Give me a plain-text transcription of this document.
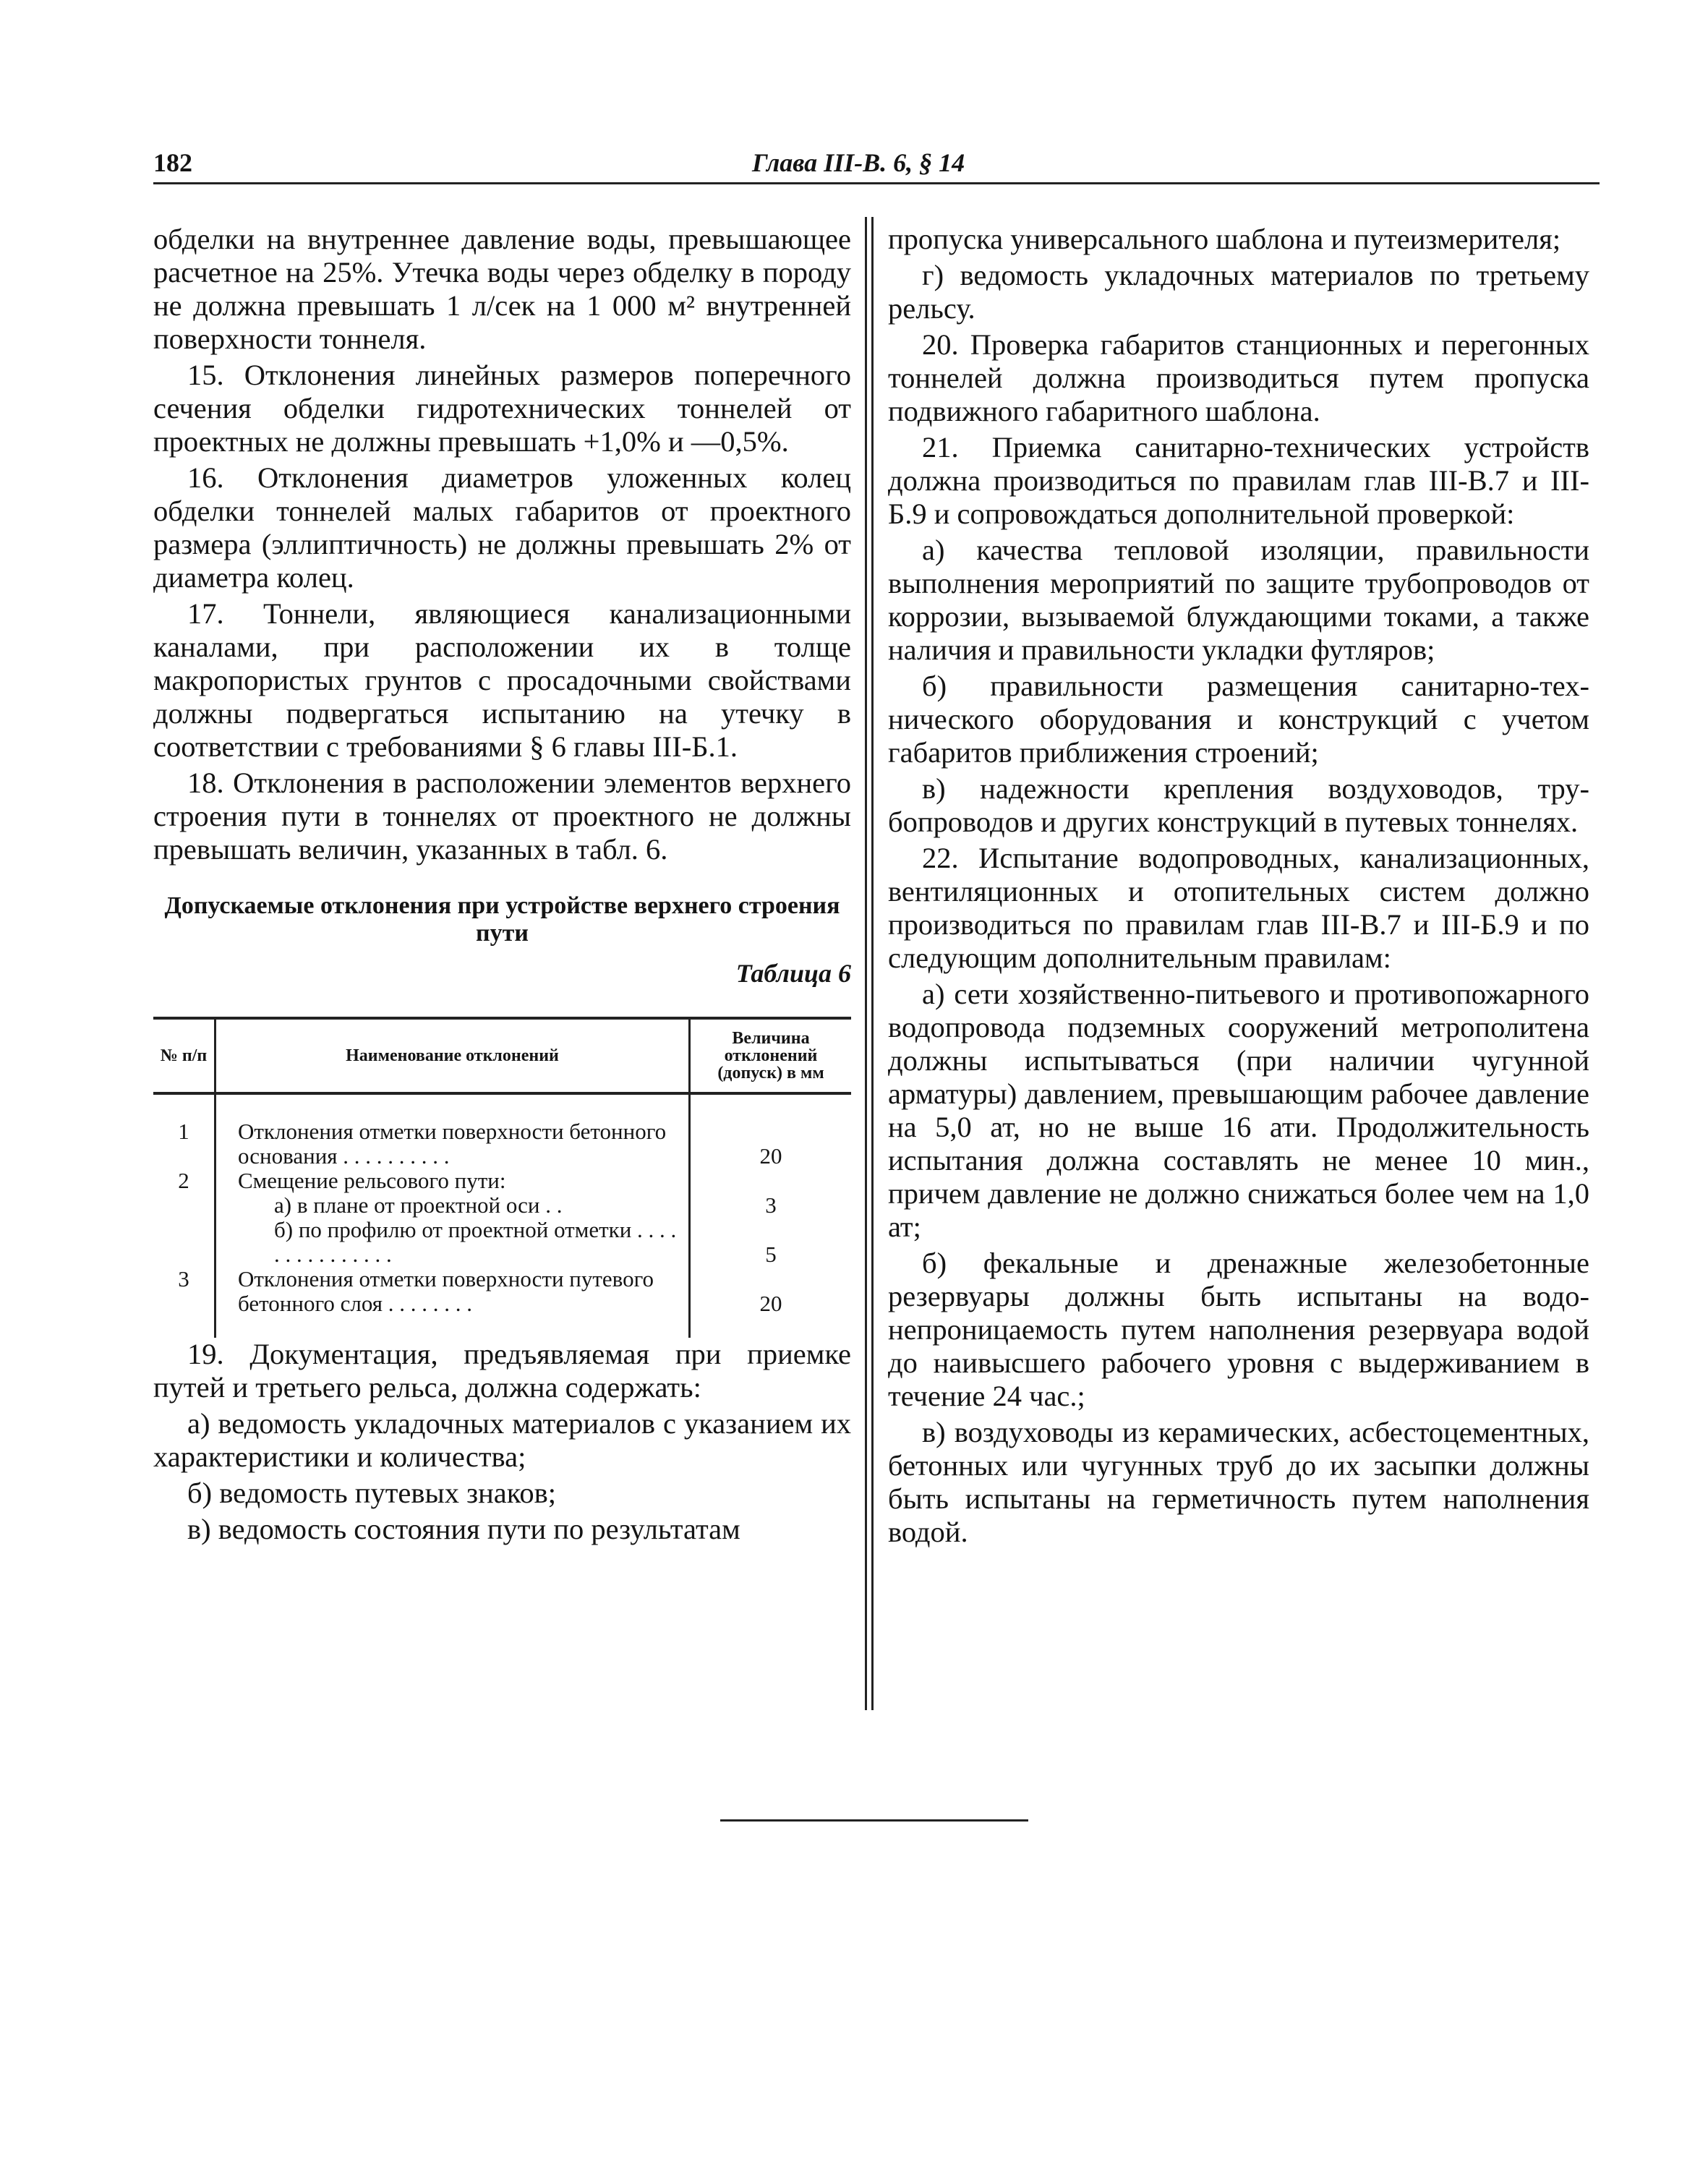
182	Глава III-В. 6, § 14

обделки на внутреннее давление воды, превышающее расчетное на 25%. Утечка воды через обделку в породу не должна превышать 1 л/сек на 1 000 м² внутренней поверхности тоннеля.

15. Отклонения линейных размеров поперечного сечения обделки гидротехнических тоннелей от проектных не должны превышать +1,0% и —0,5%.

16. Отклонения диаметров уложенных колец обделки тоннелей малых габаритов от проектного размера (эллиптичность) не должны превышать 2% от диаметра колец.

17. Тоннели, являющиеся канализационными каналами, при расположении их в толще макропористых грунтов с просадочными свойствами должны подвергаться испытанию на утечку в соответствии с требованиями § 6 главы III-Б.1.

18. Отклонения в расположении элементов верхнего строения пути в тоннелях от проектного не должны превышать величин, указанных в табл. 6.

Допускаемые отклонения при устройстве верхнего строения пути
Таблица 6
№ п/п	Наименование отклонений	Величина отклонений (допуск) в мм
1	Отклонения отметки поверхности бетонного основания . . . . . . . . . .	20
2	Смещение рельсового пути:	
	а) в плане от проектной оси . .	3
	б) по профилю от проектной отметки . . . . . . . . . . . . . . .	5
3	Отклонения отметки поверхности путевого бетонного слоя . . . . . . . .	20

19. Документация, предъявляемая при приемке путей и третьего рельса, должна содержать:

а) ведомость укладочных материалов с указанием их характеристики и количества;

б) ведомость путевых знаков;

в) ведомость состояния пути по результатам

пропуска универсального шаблона и путеизмерителя;

г) ведомость укладочных материалов по третьему рельсу.

20. Проверка габаритов станционных и перегонных тоннелей должна производиться путем пропуска подвижного габаритного шаблона.

21. Приемка санитарно-технических устройств должна производиться по правилам глав III-В.7 и III-Б.9 и сопровождаться дополнительной проверкой:

а) качества тепловой изоляции, правильности выполнения мероприятий по защите трубопроводов от коррозии, вызываемой блуждающими токами, а также наличия и правильности укладки футляров;

б) правильности размещения санитарно-технического оборудования и конструкций с учетом габаритов приближения строений;

в) надежности крепления воздуховодов, трубопроводов и других конструкций в путевых тоннелях.

22. Испытание водопроводных, канализационных, вентиляционных и отопительных систем должно производиться по правилам глав III-В.7 и III-Б.9 и по следующим дополнительным правилам:

а) сети хозяйственно-питьевого и противопожарного водопровода подземных сооружений метрополитена должны испытываться (при наличии чугунной арматуры) давлением, превышающим рабочее давление на 5,0 ат, но не выше 16 ати. Продолжительность испытания должна составлять не менее 10 мин., причем давление не должно снижаться более чем на 1,0 ат;

б) фекальные и дренажные железобетонные резервуары должны быть испытаны на водонепроницаемость путем наполнения резервуара водой до наивысшего рабочего уровня с выдерживанием в течение 24 час.;

в) воздуховоды из керамических, асбестоцементных, бетонных или чугунных труб до их засыпки должны быть испытаны на герметичность путем наполнения водой.
